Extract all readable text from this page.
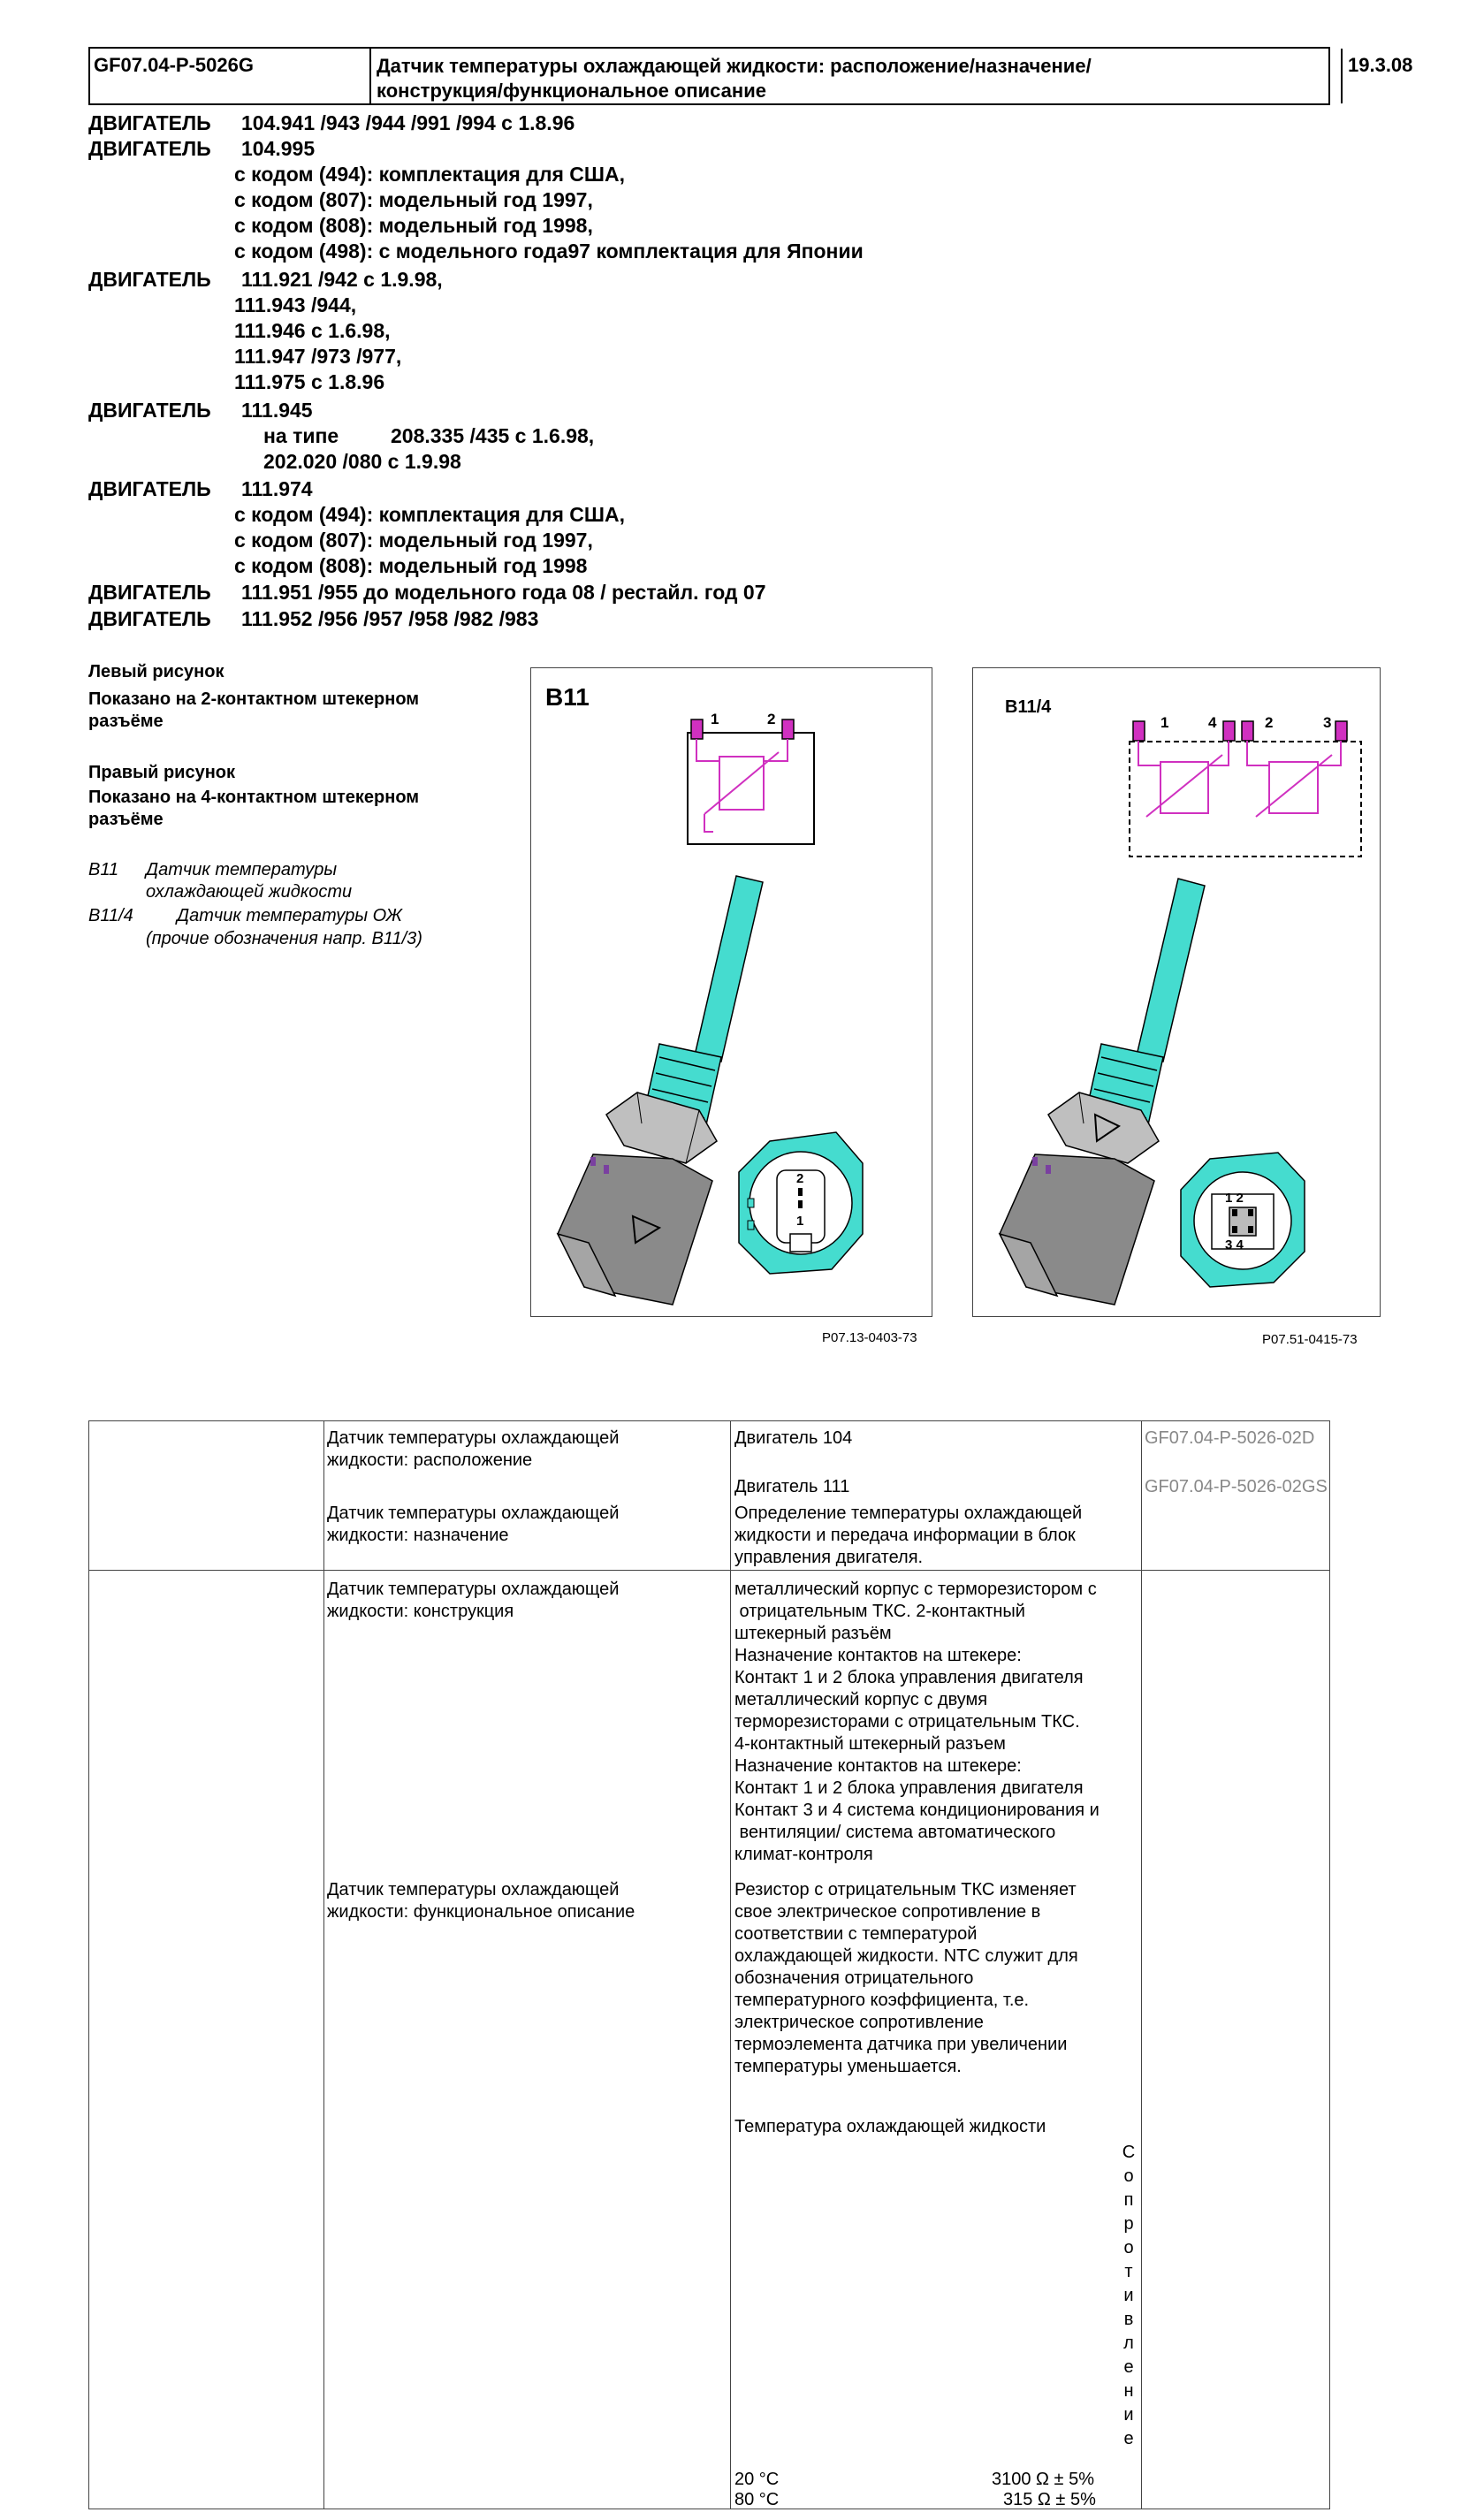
GF07.04-P-5026G	Датчик температуры охлаждающей жидкости: расположение/назначение/
конструкция/функциональное описание
19.3.08
ДВИГАТЕЛЬ 104.941 /943 /944 /991 /994 с 1.8.96
ДВИГАТЕЛЬ 104.995
с кодом (494): комплектация для США,
с кодом (807): модельный год 1997,
с кодом (808): модельный год 1998,
с кодом (498): с модельного года97 комплектация для Японии
ДВИГАТЕЛЬ 111.921 /942 с 1.9.98,
111.943 /944,
111.946 с 1.6.98,
111.947 /973 /977,
111.975 с 1.8.96
ДВИГАТЕЛЬ 111.945
на типе	208.335 /435 с 1.6.98,
202.020 /080 с 1.9.98
ДВИГАТЕЛЬ 111.974
с кодом (494): комплектация для США,
с кодом (807): модельный год 1997,
с кодом (808): модельный год 1998
ДВИГАТЕЛЬ 111.951 /955 до модельного года 08 / рестайл. год 07
ДВИГАТЕЛЬ 111.952 /956 /957 /958 /982 /983
Левый рисунок
Показано на 2-контактном штекерном
разъёме
Правый рисунок
Показано на 4-контактном штекерном
разъёме
B11 Датчик температуры
охлаждающей жидкости
B11/4 Датчик температуры ОЖ
(прочие обозначения напр. B11/3)
B11
1	2
2
1
P07.13-0403-73
B11/4
1	4	2	3
1 2
3 4
P07.51-0415-73
Датчик температуры охлаждающей
жидкости: расположение
Двигатель 104	GF07.04-P-5026-02D
Двигатель 111	GF07.04-P-5026-02GS
Датчик температуры охлаждающей
жидкости: назначение
Определение температуры охлаждающей
жидкости и передача информации в блок
управления двигателя.
Датчик температуры охлаждающей
жидкости: конструкция
металлический корпус с терморезистором с
отрицательным ТКС. 2-контактный
штекерный разъём
Назначение контактов на штекере:
Контакт 1 и 2 блока управления двигателя
металлический корпус с двумя
терморезисторами с отрицательным ТКС.
4-контактный штекерный разъем
Назначение контактов на штекере:
Контакт 1 и 2 блока управления двигателя
Контакт 3 и 4 система кондиционирования и
вентиляции/ система автоматического
климат-контроля
Датчик температуры охлаждающей
жидкости: функциональное описание
Резистор с отрицательным ТКС изменяет
свое электрическое сопротивление в
соответствии с температурой
охлаждающей жидкости. NTC служит для
обозначения отрицательного
температурного коэффициента, т.е.
электрическое сопротивление
термоэлемента датчика при увеличении
температуры уменьшается.
Температура охлаждающей жидкости
Сопротивление
20 °C	3100 Ω ± 5%
80 °C	315 Ω ± 5%
